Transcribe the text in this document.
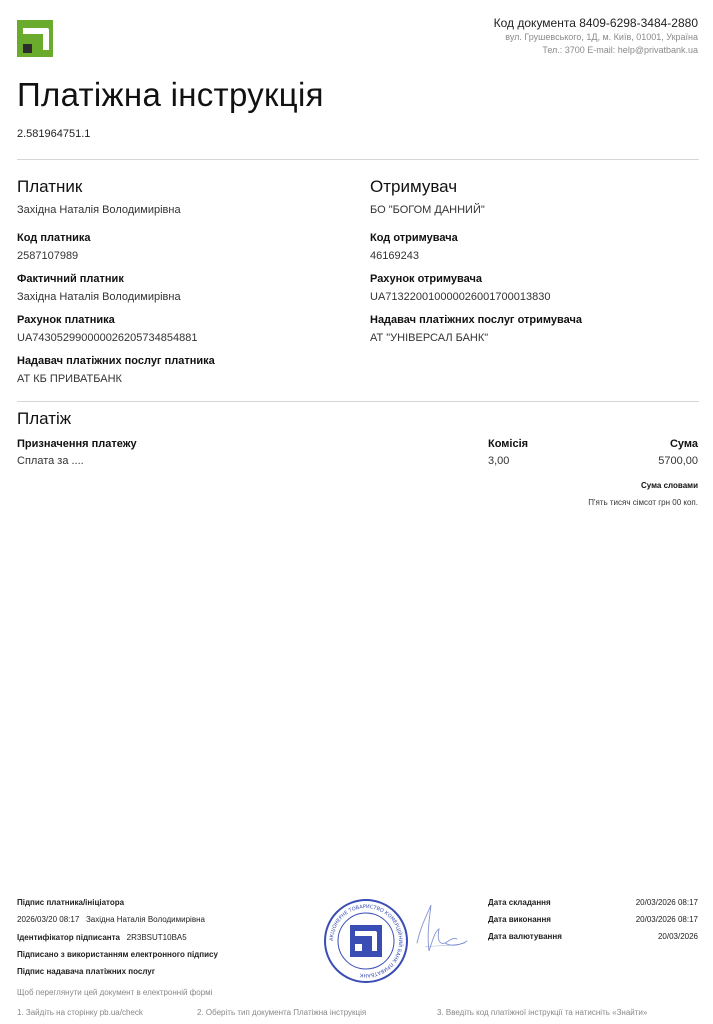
Код документа 8409-6298-3484-2880
вул. Грушевського, 1Д, м. Київ, 01001, Україна
Тел.: 3700 E-mail: help@privatbank.ua
Платіжна інструкція
2.581964751.1
Платник
Західна Наталія Володимирівна
Код платника
2587107989
Фактичний платник
Західна Наталія Володимирівна
Рахунок платника
UA743052990000026205734854881
Надавач платіжних послуг платника
АТ КБ ПРИВАТБАНК
Отримувач
БО "БОГОМ ДАННИЙ"
Код отримувача
46169243
Рахунок отримувача
UA713220010000026001700013830
Надавач платіжних послуг отримувача
АТ "УНІВЕРСАЛ БАНК"
Платіж
Призначення платежу	Комісія	Сума
Сплата за ....	3,00	5700,00
Сума словами
П'ять тисяч сімсот грн 00 коп.
Підпис платника/ініціатора
2026/03/20 08:17 Західна Наталія Володимирівна
Ідентифікатор підписанта 2R3BSUT10BA5
Підписано з використанням електронного підпису
Підпис надавача платіжних послуг
Щоб переглянути цей документ в електронній формі
1. Зайдіть на сторінку pb.ua/check	2. Оберіть тип документа Платіжна інструкція	3. Введіть код платіжної інструкції та натисніть «Знайти»
Дата складання	20/03/2026 08:17
Дата виконання	20/03/2026 08:17
Дата валютування	20/03/2026
АКЦІОНЕРНЕ ТОВАРИСТВО КОМЕРЦІЙНИЙ БАНК ПРИВАТБАНК
